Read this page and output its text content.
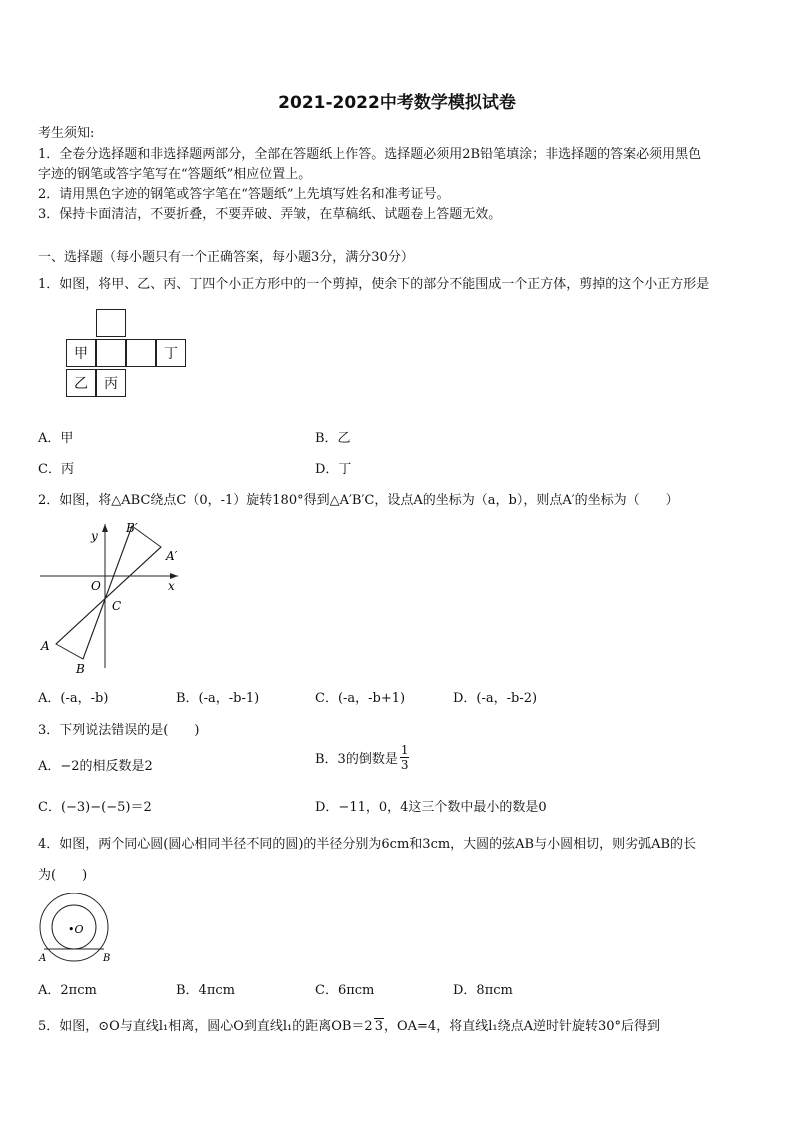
2021-2022中考数学模拟试卷
考生须知:
1．全卷分选择题和非选择题两部分，全部在答题纸上作答。选择题必须用2B铅笔填涂；非选择题的答案必须用黑色
字迹的钢笔或答字笔写在“答题纸”相应位置上。
2．请用黑色字迹的钢笔或答字笔在“答题纸”上先填写姓名和准考证号。
3．保持卡面清洁，不要折叠，不要弄破、弄皱，在草稿纸、试题卷上答题无效。
一、选择题（每小题只有一个正确答案，每小题3分，满分30分）
1．如图，将甲、乙、丙、丁四个小正方形中的一个剪掉，使余下的部分不能围成一个正方体，剪掉的这个小正方形是
甲	丁
乙	丙
A．甲	B．乙
C．丙	D．丁
2．如图，将△ABC绕点C（0，-1）旋转180°得到△A′B′C，设点A的坐标为（a，b），则点A′的坐标为（　　）
y
x
O
C
A
B
A′
B′
A．(-a，-b)	B．(-a，-b-1)	C．(-a，-b+1)	D．(-a，-b-2)
3．下列说法错误的是(　　)
A．−2的相反数是2	B．3的倒数是 $\frac{1}{3}$
C．(−3)−(−5)＝2	D．−11，0，4这三个数中最小的数是0
4．如图，两个同心圆(圆心相同半径不同的圆)的半径分别为6cm和3cm，大圆的弦AB与小圆相切，则劣弧AB的长
为(　　)
•O
A	B
A．2πcm	B．4πcm	C．6πcm	D．8πcm
5．如图，⊙O与直线l₁相离，圆心O到直线l₁的距离OB＝2 3，OA=4，将直线l₁绕点A逆时针旋转30°后得到
